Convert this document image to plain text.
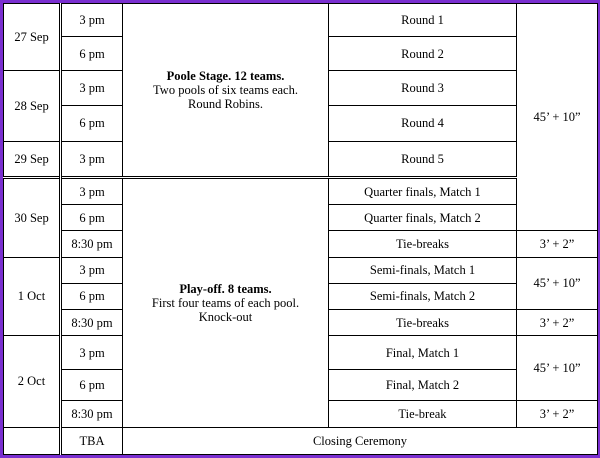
27 Sep	3 pm	Poole Stage. 12 teams.
Two pools of six teams each.
Round Robins.	Round 1	45’ + 10”
	6 pm		Round 2	
28 Sep	3 pm		Round 3	
	6 pm		Round 4	
29 Sep	3 pm		Round 5	
30 Sep	3 pm	Play-off. 8 teams.
First four teams of each pool.
Knock-out	Quarter finals, Match 1	
	6 pm		Quarter finals, Match 2	
	8:30 pm		Tie-breaks	3’ + 2”
1 Oct	3 pm		Semi-finals, Match 1	45’ + 10”
	6 pm		Semi-finals, Match 2	
	8:30 pm		Tie-breaks	3’ + 2”
2 Oct	3 pm		Final, Match 1	45’ + 10”
	6 pm		Final, Match 2	
	8:30 pm		Tie-break	3’ + 2”
	TBA	Closing Ceremony		
